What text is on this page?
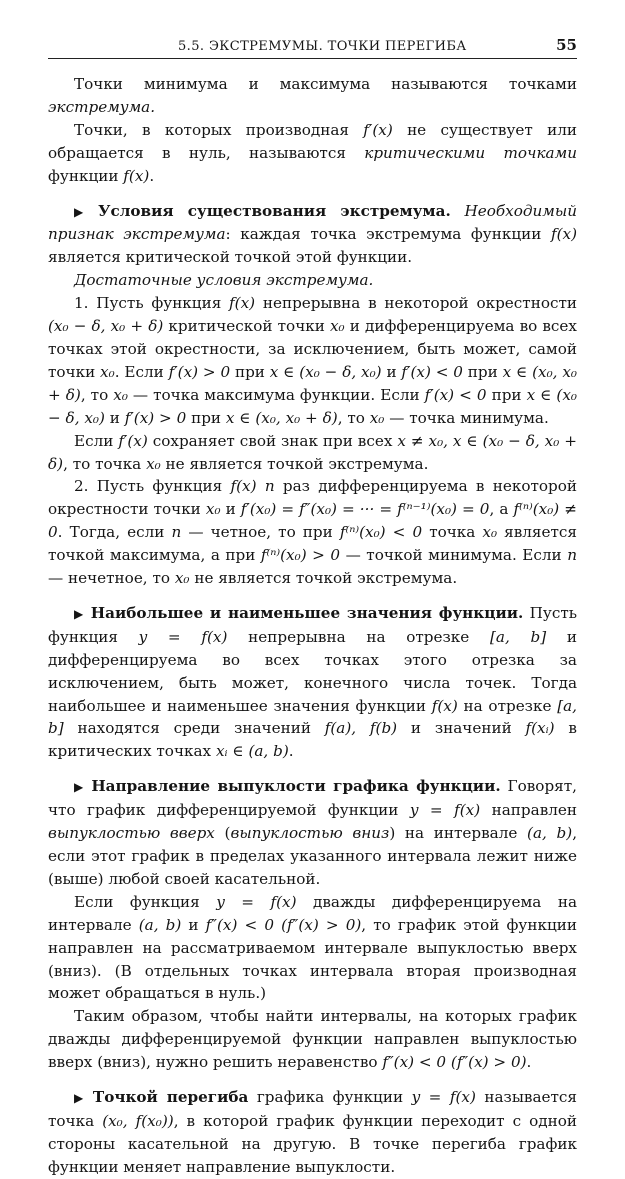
5.5. ЭКСТРЕМУМЫ. ТОЧКИ ПЕРЕГИБА	55

Точки минимума и максимума называются точками экстремума.

Точки, в которых производная f′(x) не существует или обращается в нуль, называются критическими точками функции f(x).

▶ Условия существования экстремума. Необходимый признак экстремума: каждая точка экстремума функции f(x) является критической точкой этой функции.

Достаточные условия экстремума.

1. Пусть функция f(x) непрерывна в некоторой окрестности (x₀ − δ, x₀ + δ) критической точки x₀ и дифференцируема во всех точках этой окрестности, за исключением, быть может, самой точки x₀. Если f′(x) > 0 при x ∈ (x₀ − δ, x₀) и f′(x) < 0 при x ∈ (x₀, x₀ + δ), то x₀ — точка максимума функции. Если f′(x) < 0 при x ∈ (x₀ − δ, x₀) и f′(x) > 0 при x ∈ (x₀, x₀ + δ), то x₀ — точка минимума.

Если f′(x) сохраняет свой знак при всех x ≠ x₀, x ∈ (x₀ − δ, x₀ + δ), то точка x₀ не является точкой экстремума.

2. Пусть функция f(x) n раз дифференцируема в некоторой окрестности точки x₀ и f′(x₀) = f″(x₀) = ··· = f⁽ⁿ⁻¹⁾(x₀) = 0, а f⁽ⁿ⁾(x₀) ≠ 0. Тогда, если n — четное, то при f⁽ⁿ⁾(x₀) < 0 точка x₀ является точкой максимума, а при f⁽ⁿ⁾(x₀) > 0 — точкой минимума. Если n — нечетное, то x₀ не является точкой экстремума.

▶ Наибольшее и наименьшее значения функции. Пусть функция y = f(x) непрерывна на отрезке [a, b] и дифференцируема во всех точках этого отрезка за исключением, быть может, конечного числа точек. Тогда наибольшее и наименьшее значения функции f(x) на отрезке [a, b] находятся среди значений f(a), f(b) и значений f(xᵢ) в критических точках xᵢ ∈ (a, b).

▶ Направление выпуклости графика функции. Говорят, что график дифференцируемой функции y = f(x) направлен выпуклостью вверх (выпуклостью вниз) на интервале (a, b), если этот график в пределах указанного интервала лежит ниже (выше) любой своей касательной.

Если функция y = f(x) дважды дифференцируема на интервале (a, b) и f″(x) < 0 (f″(x) > 0), то график этой функции направлен на рассматриваемом интервале выпуклостью вверх (вниз). (В отдельных точках интервала вторая производная может обращаться в нуль.)

Таким образом, чтобы найти интервалы, на которых график дважды дифференцируемой функции направлен выпуклостью вверх (вниз), нужно решить неравенство f″(x) < 0 (f″(x) > 0).

▶ Точкой перегиба графика функции y = f(x) называется точка (x₀, f(x₀)), в которой график функции переходит с одной стороны касательной на другую. В точке перегиба график функции меняет направление выпуклости.
